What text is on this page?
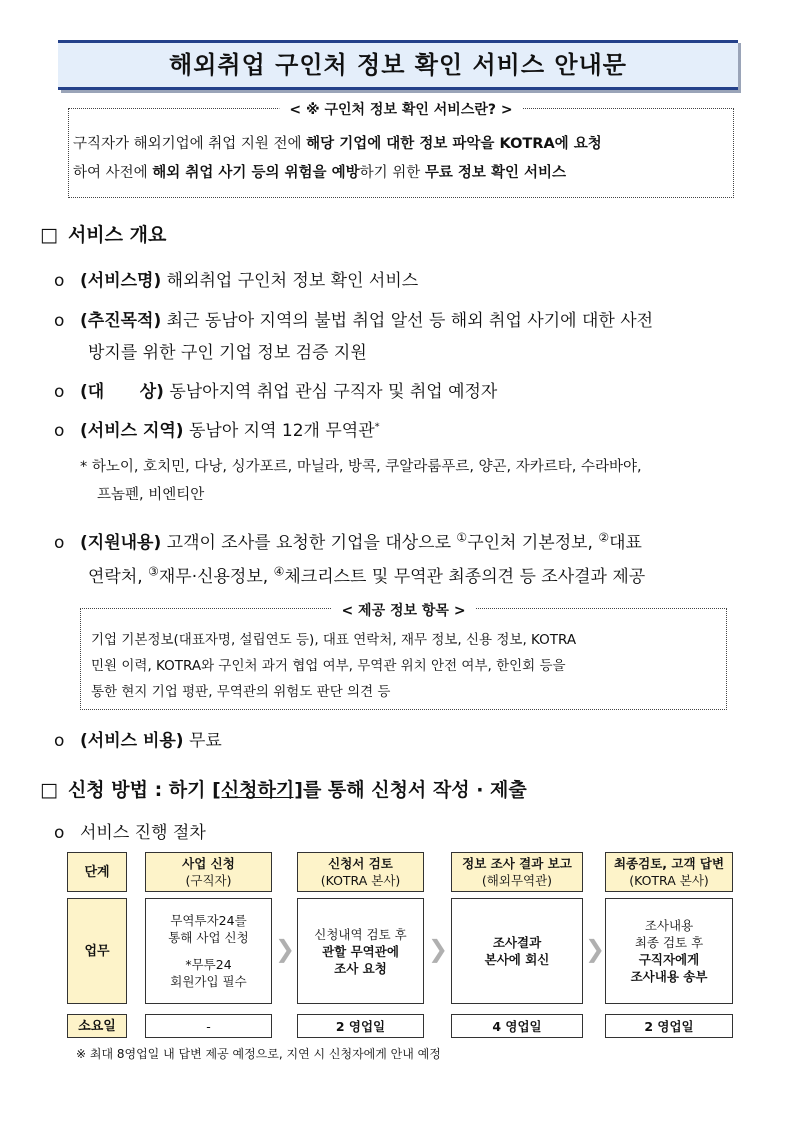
해외취업 구인처 정보 확인 서비스 안내문
< ※ 구인처 정보 확인 서비스란? >
구직자가 해외기업에 취업 지원 전에 해당 기업에 대한 정보 파악을 KOTRA에 요청
하여 사전에 해외 취업 사기 등의 위험을 예방하기 위한 무료 정보 확인 서비스
□ 서비스 개요
o (서비스명) 해외취업 구인처 정보 확인 서비스
o (추진목적) 최근 동남아 지역의 불법 취업 알선 등 해외 취업 사기에 대한 사전
방지를 위한 구인 기업 정보 검증 지원
o (대      상) 동남아지역 취업 관심 구직자 및 취업 예정자
o (서비스 지역) 동남아 지역 12개 무역관*
* 하노이, 호치민, 다낭, 싱가포르, 마닐라, 방콕, 쿠알라룸푸르, 양곤, 자카르타, 수라바야,
프놈펜, 비엔티안
o (지원내용) 고객이 조사를 요청한 기업을 대상으로 ①구인처 기본정보, ②대표
연락처, ③재무·신용정보, ④체크리스트 및 무역관 최종의견 등 조사결과 제공
< 제공 정보 항목 >
기업 기본정보(대표자명, 설립연도 등), 대표 연락처, 재무 정보, 신용 정보, KOTRA
민원 이력, KOTRA와 구인처 과거 협업 여부, 무역관 위치 안전 여부, 한인회 등을
통한 현지 기업 평판, 무역관의 위험도 판단 의견 등
o (서비스 비용) 무료
□ 신청 방법 : 하기 [신청하기]를 통해 신청서 작성 · 제출
o 서비스 진행 절차
단계
업무
소요일
사업 신청
(구직자)
무역투자24를
통해 사업 신청
*무투24
회원가입 필수
-
신청서 검토
(KOTRA 본사)
신청내역 검토 후
관할 무역관에
조사 요청
2 영업일
정보 조사 결과 보고
(해외무역관)
조사결과
본사에 회신
4 영업일
최종검토, 고객 답변
(KOTRA 본사)
조사내용
최종 검토 후
구직자에게
조사내용 송부
2 영업일
❯	❯	❯
※ 최대 8영업일 내 답변 제공 예정으로, 지연 시 신청자에게 안내 예정
